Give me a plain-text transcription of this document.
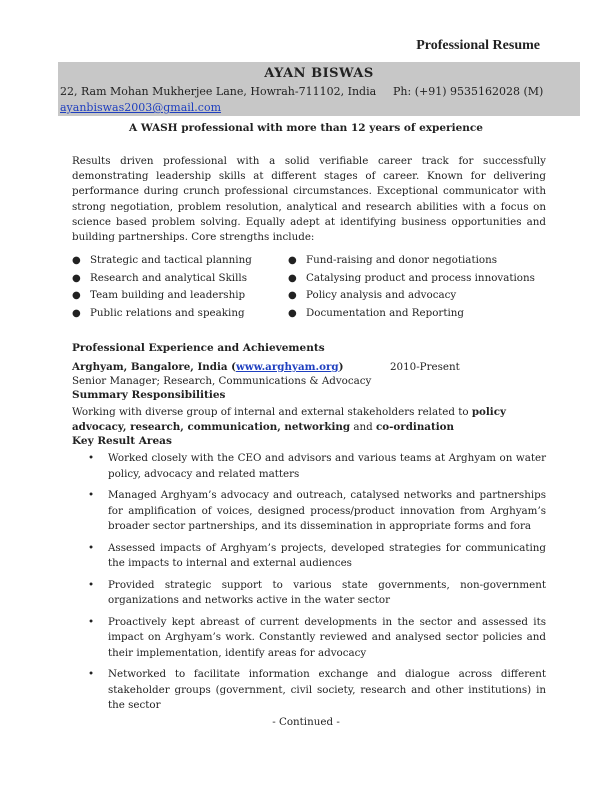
Professional Resume
AYAN BISWAS
22, Ram Mohan Mukherjee Lane, Howrah-711102, India Ph: (+91) 9535162028 (M)
ayanbiswas2003@gmail.com
A WASH professional with more than 12 years of experience

Results driven professional with a solid verifiable career track for successfully demonstrating leadership skills at different stages of career. Known for delivering performance during crunch professional circumstances. Exceptional communicator with strong negotiation, problem resolution, analytical and research abilities with a focus on science based problem solving. Equally adept at identifying business opportunities and building partnerships. Core strengths include:

● Strategic and tactical planning
● Research and analytical Skills
● Team building and leadership
● Public relations and speaking
● Fund-raising and donor negotiations
● Catalysing product and process innovations
● Policy analysis and advocacy
● Documentation and Reporting
Professional Experience and Achievements
Arghyam, Bangalore, India (www.arghyam.org)	2010-Present
Senior Manager; Research, Communications & Advocacy
Summary Responsibilities

Working with diverse group of internal and external stakeholders related to policy advocacy, research, communication, networking and co-ordination

Key Result Areas
• Worked closely with the CEO and advisors and various teams at Arghyam on water policy, advocacy and related matters
• Managed Arghyam’s advocacy and outreach, catalysed networks and partnerships for amplification of voices, designed process/product innovation from Arghyam’s broader sector partnerships, and its dissemination in appropriate forms and fora
• Assessed impacts of Arghyam’s projects, developed strategies for communicating the impacts to internal and external audiences
• Provided strategic support to various state governments, non-government organizations and networks active in the water sector
• Proactively kept abreast of current developments in the sector and assessed its impact on Arghyam’s work. Constantly reviewed and analysed sector policies and their implementation, identify areas for advocacy
• Networked to facilitate information exchange and dialogue across different stakeholder groups (government, civil society, research and other institutions) in the sector
- Continued -
